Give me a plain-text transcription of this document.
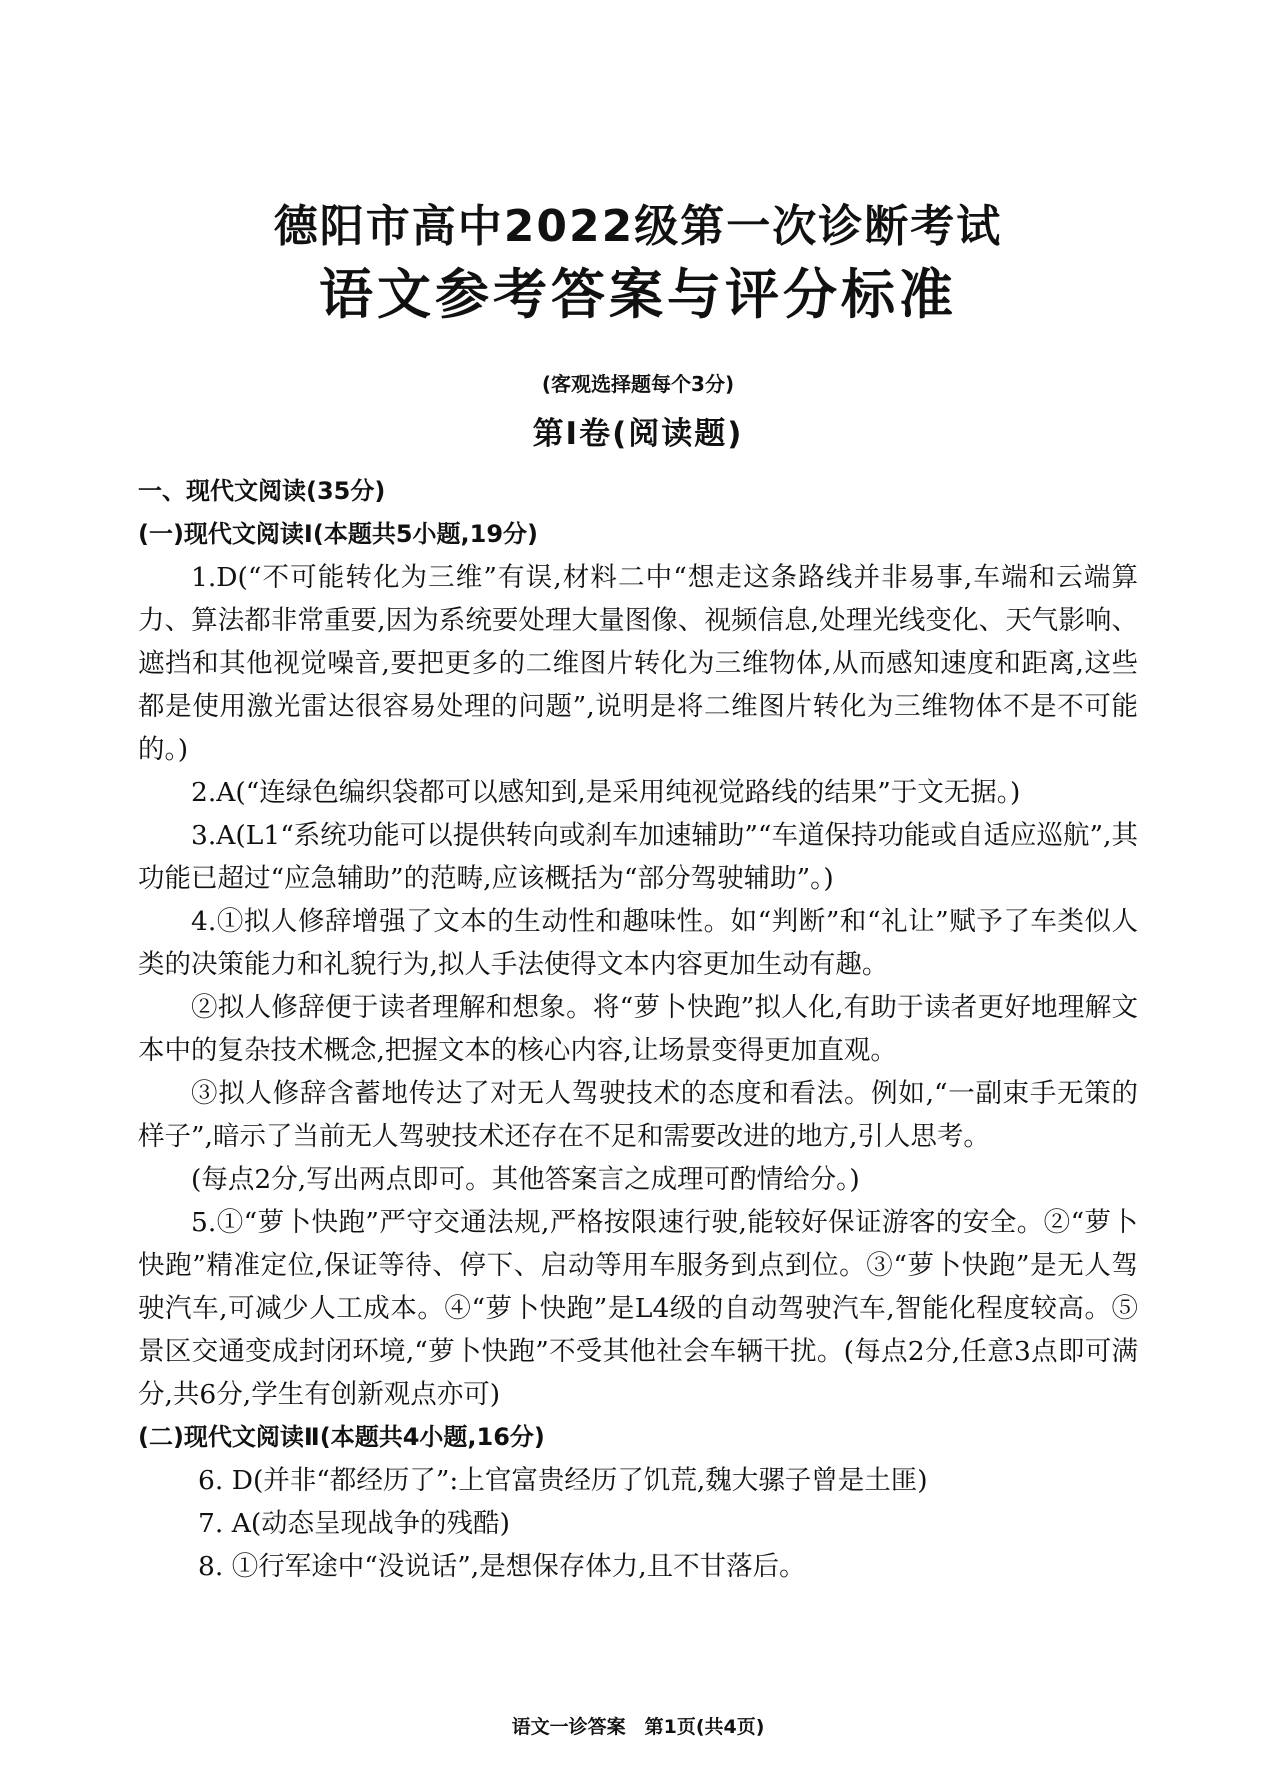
德阳市高中2022级第一次诊断考试
语文参考答案与评分标准
(客观选择题每个3分)
第Ⅰ卷(阅读题)
一、现代文阅读(35分)
(一)现代文阅读Ⅰ(本题共5小题,19分)

1.D(“不可能转化为三维”有误,材料二中“想走这条路线并非易事,车端和云端算力、算法都非常重要,因为系统要处理大量图像、视频信息,处理光线变化、天气影响、遮挡和其他视觉噪音,要把更多的二维图片转化为三维物体,从而感知速度和距离,这些都是使用激光雷达很容易处理的问题”,说明是将二维图片转化为三维物体不是不可能的。)

2.A(“连绿色编织袋都可以感知到,是采用纯视觉路线的结果”于文无据。)

3.A(L1“系统功能可以提供转向或刹车加速辅助”“车道保持功能或自适应巡航”,其功能已超过“应急辅助”的范畴,应该概括为“部分驾驶辅助”。)

4.①拟人修辞增强了文本的生动性和趣味性。如“判断”和“礼让”赋予了车类似人类的决策能力和礼貌行为,拟人手法使得文本内容更加生动有趣。

②拟人修辞便于读者理解和想象。将“萝卜快跑”拟人化,有助于读者更好地理解文本中的复杂技术概念,把握文本的核心内容,让场景变得更加直观。

③拟人修辞含蓄地传达了对无人驾驶技术的态度和看法。例如,“一副束手无策的样子”,暗示了当前无人驾驶技术还存在不足和需要改进的地方,引人思考。

(每点2分,写出两点即可。其他答案言之成理可酌情给分。)

5.①“萝卜快跑”严守交通法规,严格按限速行驶,能较好保证游客的安全。②“萝卜快跑”精准定位,保证等待、停下、启动等用车服务到点到位。③“萝卜快跑”是无人驾驶汽车,可减少人工成本。④“萝卜快跑”是L4级的自动驾驶汽车,智能化程度较高。⑤景区交通变成封闭环境,“萝卜快跑”不受其他社会车辆干扰。(每点2分,任意3点即可满分,共6分,学生有创新观点亦可)

(二)现代文阅读Ⅱ(本题共4小题,16分)
6. D(并非“都经历了”:上官富贵经历了饥荒,魏大骡子曾是土匪)
7. A(动态呈现战争的残酷)
8. ①行军途中“没说话”,是想保存体力,且不甘落后。
语文一诊答案　第1页(共4页)
